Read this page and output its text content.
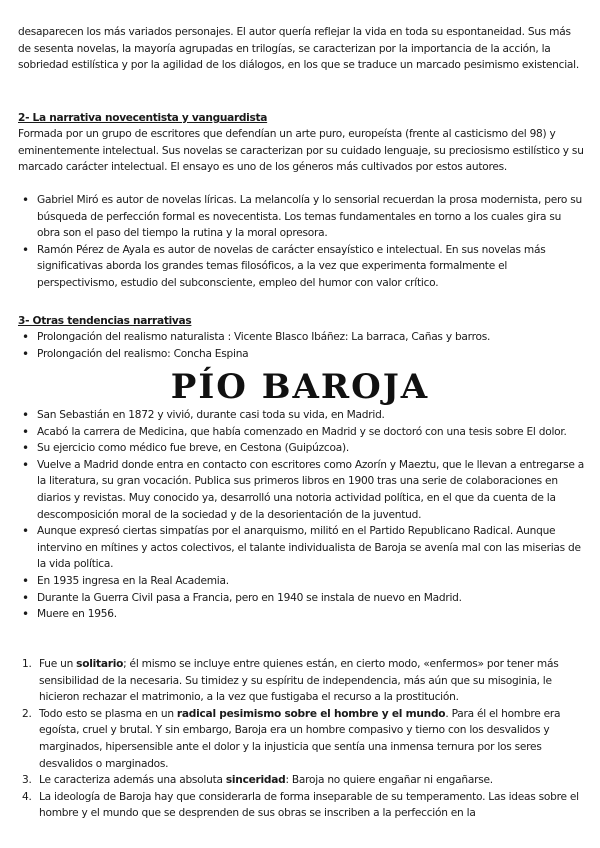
desaparecen los más variados personajes. El autor quería reflejar la vida en toda su espontaneidad. Sus más de sesenta novelas, la mayoría agrupadas en trilogías, se caracterizan por la importancia de la acción, la sobriedad estilística y por la agilidad de los diálogos, en los que se traduce un marcado pesimismo existencial.

2- La narrativa novecentista y vanguardista

Formada por un grupo de escritores que defendían un arte puro, europeísta (frente al casticismo del 98) y eminentemente intelectual. Sus novelas se caracterizan por su cuidado lenguaje, su preciosismo estilístico y su marcado carácter intelectual. El ensayo es uno de los géneros más cultivados por estos autores.

• Gabriel Miró es autor de novelas líricas. La melancolía y lo sensorial recuerdan la prosa modernista, pero su búsqueda de perfección formal es novecentista. Los temas fundamentales en torno a los cuales gira su obra son el paso del tiempo la rutina y la moral opresora.
• Ramón Pérez de Ayala es autor de novelas de carácter ensayístico e intelectual. En sus novelas más significativas aborda los grandes temas filosóficos, a la vez que experimenta formalmente el perspectivismo, estudio del subconsciente, empleo del humor con valor crítico.

3- Otras tendencias narrativas

• Prolongación del realismo naturalista : Vicente Blasco Ibáñez: La barraca, Cañas y barros.
• Prolongación del realismo: Concha Espina
PÍO BAROJA
• San Sebastián en 1872 y vivió, durante casi toda su vida, en Madrid.
• Acabó la carrera de Medicina, que había comenzado en Madrid y se doctoró con una tesis sobre El dolor.
• Su ejercicio como médico fue breve, en Cestona (Guipúzcoa).
• Vuelve a Madrid donde entra en contacto con escritores como Azorín y Maeztu, que le llevan a entregarse a la literatura, su gran vocación. Publica sus primeros libros en 1900 tras una serie de colaboraciones en diarios y revistas. Muy conocido ya, desarrolló una notoria actividad política, en el que da cuenta de la descomposición moral de la sociedad y de la desorientación de la juventud.
• Aunque expresó ciertas simpatías por el anarquismo, militó en el Partido Republicano Radical. Aunque intervino en mítines y actos colectivos, el talante individualista de Baroja se avenía mal con las miserias de la vida política.
• En 1935 ingresa en la Real Academia.
• Durante la Guerra Civil pasa a Francia, pero en 1940 se instala de nuevo en Madrid.
• Muere en 1956.
1. Fue un solitario; él mismo se incluye entre quienes están, en cierto modo, «enfermos» por tener más sensibilidad de la necesaria. Su timidez y su espíritu de independencia, más aún que su misoginia, le hicieron rechazar el matrimonio, a la vez que fustigaba el recurso a la prostitución.
2. Todo esto se plasma en un radical pesimismo sobre el hombre y el mundo. Para él el hombre era egoísta, cruel y brutal. Y sin embargo, Baroja era un hombre compasivo y tierno con los desvalidos y marginados, hipersensible ante el dolor y la injusticia que sentía una inmensa ternura por los seres desvalidos o marginados.
3. Le caracteriza además una absoluta sinceridad: Baroja no quiere engañar ni engañarse.
4. La ideología de Baroja hay que considerarla de forma inseparable de su temperamento. Las ideas sobre el hombre y el mundo que se desprenden de sus obras se inscriben a la perfección en la
